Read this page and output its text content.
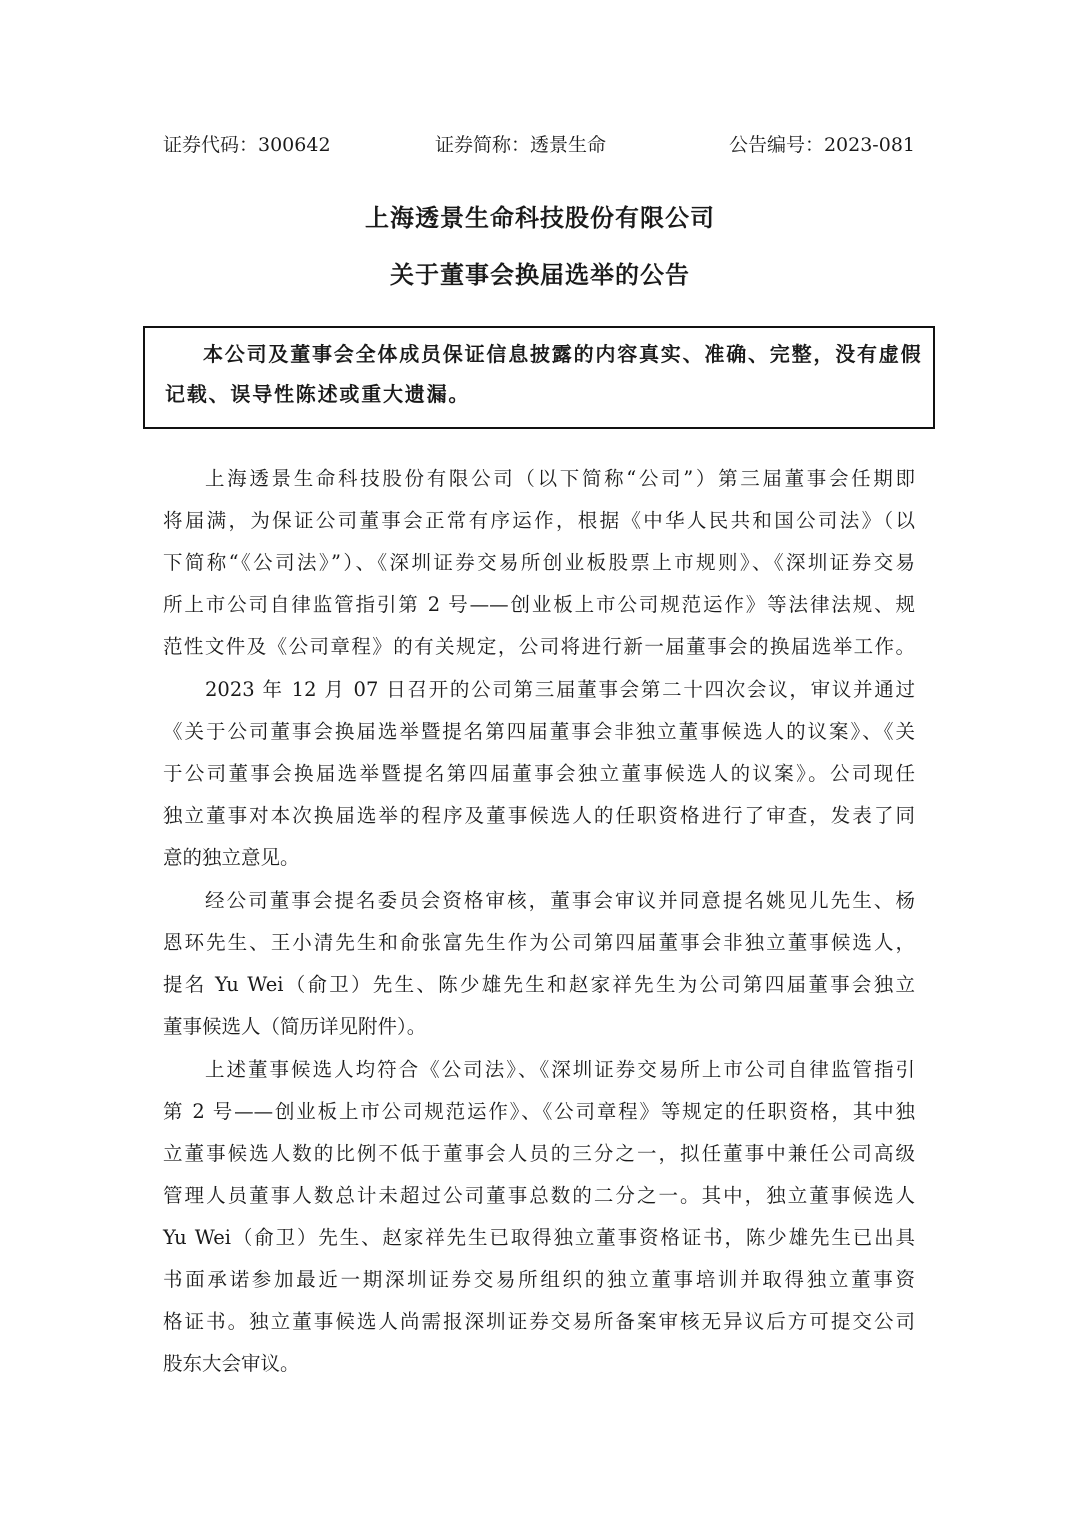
证券代码：300642	证券简称：透景生命	公告编号：2023-081
上海透景生命科技股份有限公司
关于董事会换届选举的公告
本公司及董事会全体成员保证信息披露的内容真实、准确、完整，没有虚假
记载、误导性陈述或重大遗漏。
上海透景生命科技股份有限公司（以下简称“公司”）第三届董事会任期即
将届满，为保证公司董事会正常有序运作，根据《中华人民共和国公司法》（以
下简称“《公司法》”）、《深圳证券交易所创业板股票上市规则》、《深圳证券交易
所上市公司自律监管指引第 2 号——创业板上市公司规范运作》等法律法规、规
范性文件及《公司章程》的有关规定，公司将进行新一届董事会的换届选举工作。
2023 年 12 月 07 日召开的公司第三届董事会第二十四次会议，审议并通过
《关于公司董事会换届选举暨提名第四届董事会非独立董事候选人的议案》、《关
于公司董事会换届选举暨提名第四届董事会独立董事候选人的议案》。公司现任
独立董事对本次换届选举的程序及董事候选人的任职资格进行了审查，发表了同
意的独立意见。
经公司董事会提名委员会资格审核，董事会审议并同意提名姚见儿先生、杨
恩环先生、王小清先生和俞张富先生作为公司第四届董事会非独立董事候选人，
提名 Yu Wei（俞卫）先生、陈少雄先生和赵家祥先生为公司第四届董事会独立
董事候选人（简历详见附件）。
上述董事候选人均符合《公司法》、《深圳证券交易所上市公司自律监管指引
第 2 号——创业板上市公司规范运作》、《公司章程》等规定的任职资格，其中独
立董事候选人数的比例不低于董事会人员的三分之一，拟任董事中兼任公司高级
管理人员董事人数总计未超过公司董事总数的二分之一。其中，独立董事候选人
Yu Wei（俞卫）先生、赵家祥先生已取得独立董事资格证书，陈少雄先生已出具
书面承诺参加最近一期深圳证券交易所组织的独立董事培训并取得独立董事资
格证书。独立董事候选人尚需报深圳证券交易所备案审核无异议后方可提交公司
股东大会审议。
